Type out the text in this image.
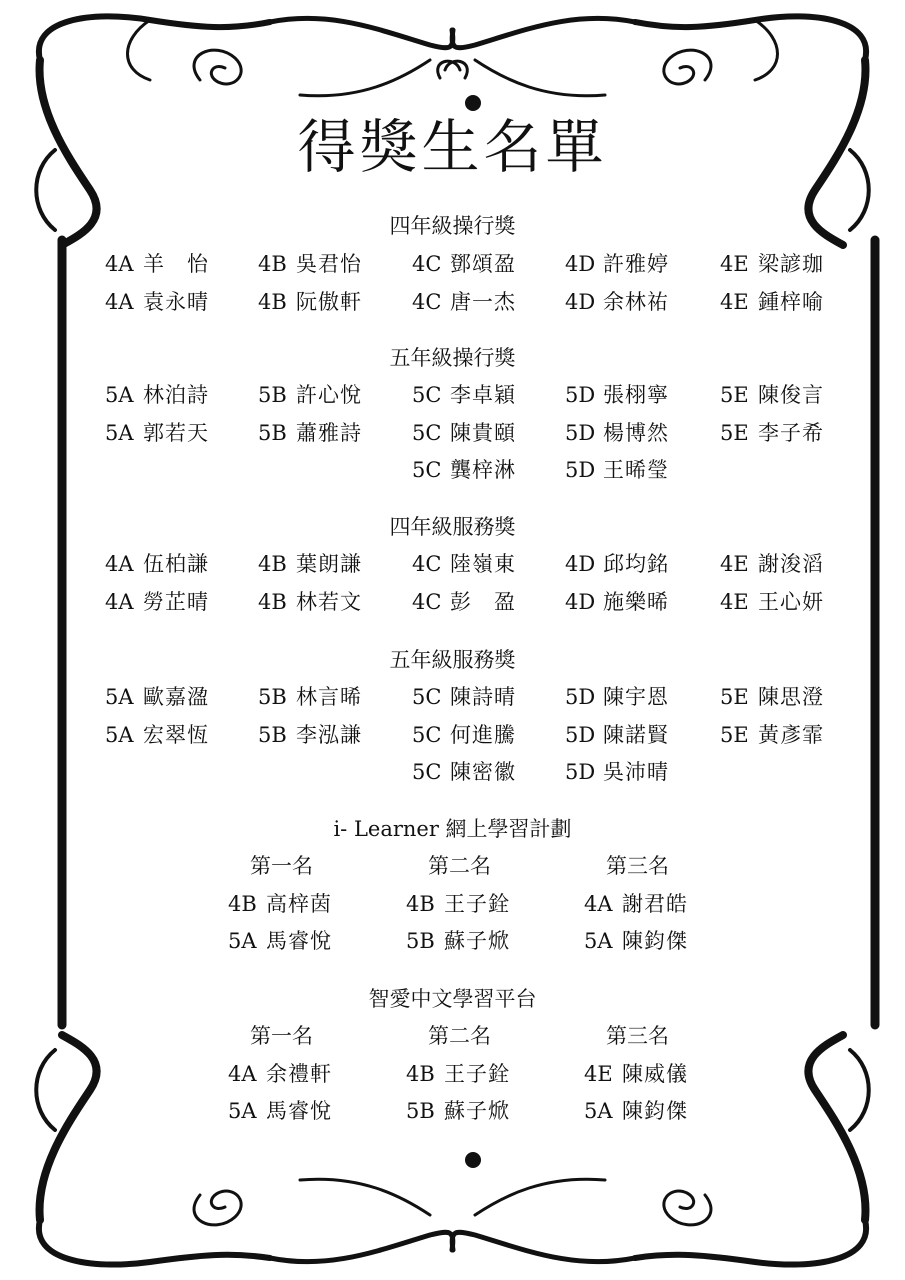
得獎生名單
四年級操行獎
4A 羊　怡 4B 吳君怡 4C 鄧頌盈 4D 許雅婷 4E 梁諺珈
4A 袁永晴 4B 阮傲軒 4C 唐一杰 4D 余林祐 4E 鍾梓喻
五年級操行獎
5A 林泊詩 5B 許心悅 5C 李卓穎 5D 張栩寧 5E 陳俊言
5A 郭若天 5B 蕭雅詩 5C 陳貴頤 5D 楊博然 5E 李子希
5C 龔梓淋 5D 王晞瑩
四年級服務獎
4A 伍柏謙 4B 葉朗謙 4C 陸嶺東 4D 邱均銘 4E 謝浚滔
4A 勞芷晴 4B 林若文 4C 彭　盈 4D 施樂晞 4E 王心妍
五年級服務獎
5A 歐嘉溋 5B 林言晞 5C 陳詩晴 5D 陳宇恩 5E 陳思澄
5A 宏翠恆 5B 李泓謙 5C 何進騰 5D 陳諾賢 5E 黃彥霏
5C 陳密徽 5D 吳沛晴
i- Learner 網上學習計劃
第一名	第二名	第三名
4B 高梓茵	4B 王子銓	4A 謝君皓
5A 馬睿悅	5B 蘇子焮	5A 陳鈞傑
智愛中文學習平台
第一名	第二名	第三名
4A 余禮軒	4B 王子銓	4E 陳威儀
5A 馬睿悅	5B 蘇子焮	5A 陳鈞傑
